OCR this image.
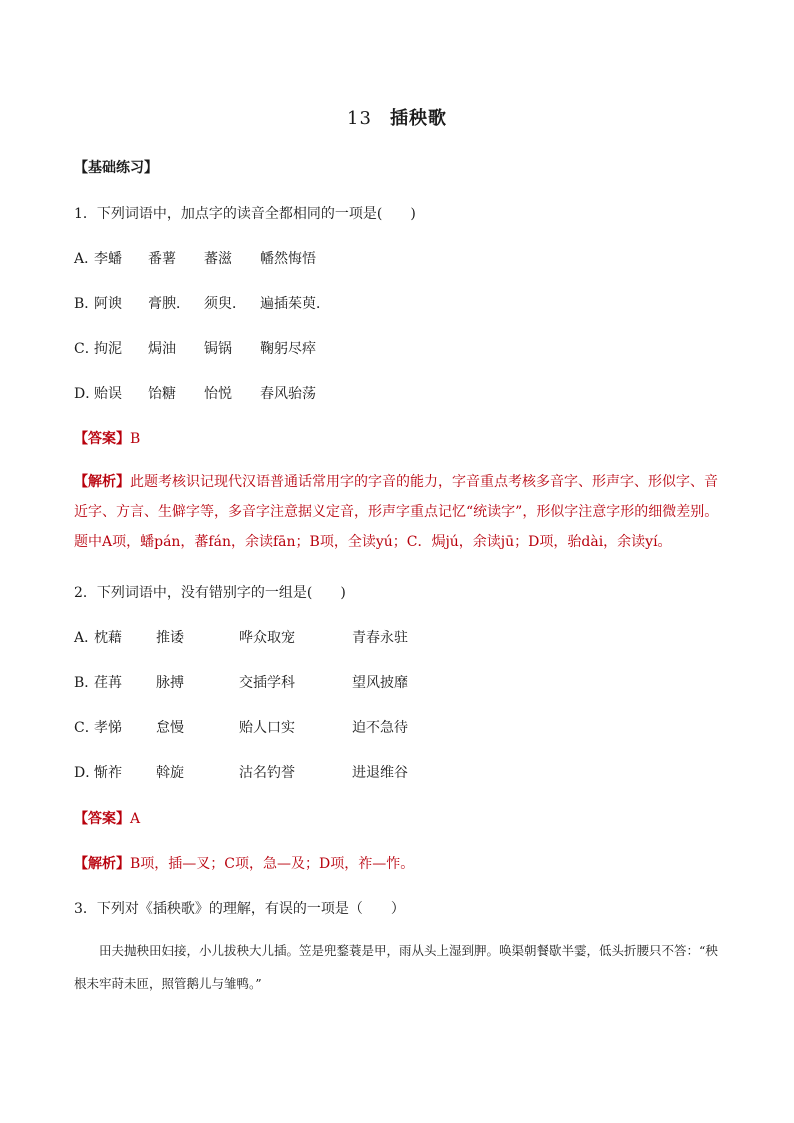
13 插秧歌
【基础练习】
1．下列词语中，加点字的读音全都相同的一项是(　　)
A．
李蟠 番薯 蕃滋 幡然悔悟
B．
阿谀 膏腴． 须臾． 遍插茱萸．
C．
拘泥 焗油 锔锅 鞠躬尽瘁
D．
贻误 饴糖 怡悦 春风骀荡
【答案】B
【解析】此题考核识记现代汉语普通话常用字的字音的能力，字音重点考核多音字、形声字、形似字、音近字、方言、生僻字等，多音字注意据义定音，形声字重点记忆“统读字”，形似字注意字形的细微差别。题中A项，蟠pán，蕃fán，余读fān；B项，全读yú；C．焗jú，余读jū；D项，骀dài，余读yí。
2．下列词语中，没有错别字的一组是(　　)
A．
枕藉 推诿	哗众取宠	青春永驻
B．
荏苒 脉搏	交插学科	望风披靡
C．
孝悌 怠慢	贻人口实	迫不急待
D．
惭祚 斡旋	沽名钓誉	进退维谷
【答案】A
【解析】B项，插—叉；C项，急—及；D项，祚—怍。
3．下列对《插秧歌》的理解，有误的一项是（　　）
田夫抛秧田妇接，小儿拔秧大儿插。笠是兜鍪蓑是甲，雨从头上湿到胛。唤渠朝餐歇半霎，低头折腰只不答：“秧根未牢莳未匝，照管鹅儿与雏鸭。”
